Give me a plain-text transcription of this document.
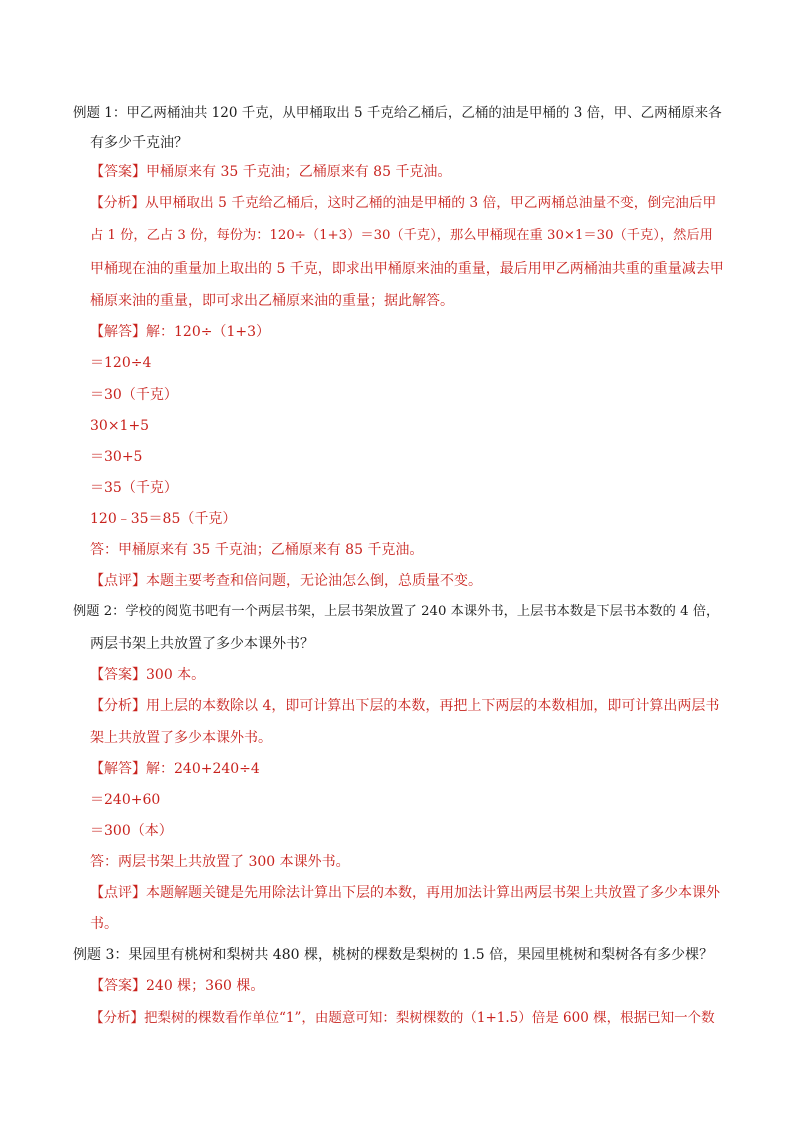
例题 1：甲乙两桶油共 120 千克，从甲桶取出 5 千克给乙桶后，乙桶的油是甲桶的 3 倍，甲、乙两桶原来各
有多少千克油？
【答案】甲桶原来有 35 千克油；乙桶原来有 85 千克油。
【分析】从甲桶取出 5 千克给乙桶后，这时乙桶的油是甲桶的 3 倍，甲乙两桶总油量不变，倒完油后甲
占 1 份，乙占 3 份，每份为：120÷（1+3）＝30（千克），那么甲桶现在重 30×1＝30（千克），然后用
甲桶现在油的重量加上取出的 5 千克，即求出甲桶原来油的重量，最后用甲乙两桶油共重的重量减去甲
桶原来油的重量，即可求出乙桶原来油的重量；据此解答。
【解答】解：120÷（1+3）
＝120÷4
＝30（千克）
30×1+5
＝30+5
＝35（千克）
120﹣35＝85（千克）
答：甲桶原来有 35 千克油；乙桶原来有 85 千克油。
【点评】本题主要考查和倍问题，无论油怎么倒，总质量不变。
例题 2：学校的阅览书吧有一个两层书架，上层书架放置了 240 本课外书，上层书本数是下层书本数的 4 倍，
两层书架上共放置了多少本课外书？
【答案】300 本。
【分析】用上层的本数除以 4，即可计算出下层的本数，再把上下两层的本数相加，即可计算出两层书
架上共放置了多少本课外书。
【解答】解：240+240÷4
＝240+60
＝300（本）
答：两层书架上共放置了 300 本课外书。
【点评】本题解题关键是先用除法计算出下层的本数，再用加法计算出两层书架上共放置了多少本课外
书。
例题 3：果园里有桃树和梨树共 480 棵，桃树的棵数是梨树的 1.5 倍，果园里桃树和梨树各有多少棵？
【答案】240 棵；360 棵。
【分析】把梨树的棵数看作单位“1”，由题意可知：梨树棵数的（1+1.5）倍是 600 棵，根据已知一个数
